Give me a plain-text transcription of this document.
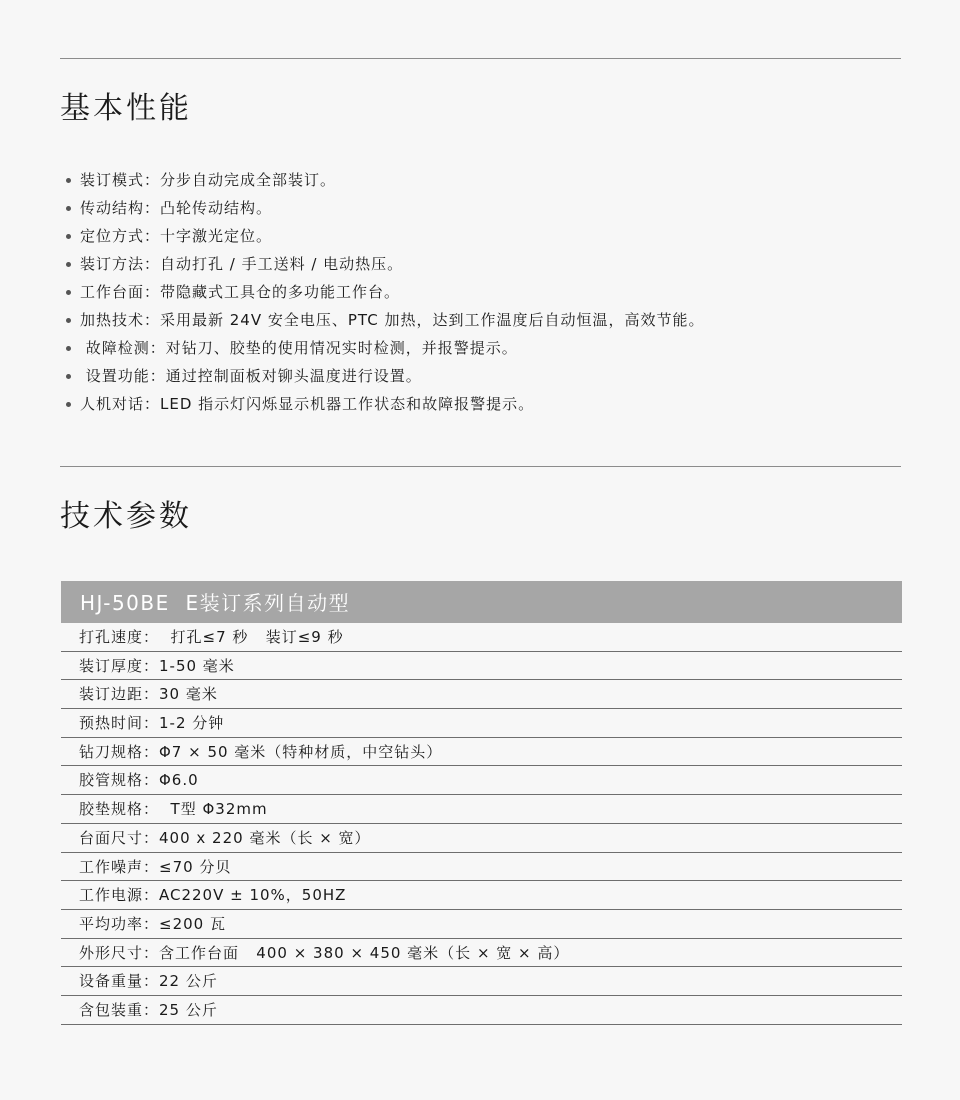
基本性能
装订模式：分步自动完成全部装订。
传动结构：凸轮传动结构。
定位方式：十字激光定位。
装订方法：自动打孔 / 手工送料 / 电动热压。
工作台面：带隐藏式工具仓的多功能工作台。
加热技术：采用最新 24V 安全电压、PTC 加热，达到工作温度后自动恒温，高效节能。
故障检测：对钻刀、胶垫的使用情况实时检测，并报警提示。
设置功能：通过控制面板对铆头温度进行设置。
人机对话：LED 指示灯闪烁显示机器工作状态和故障报警提示。
技术参数
HJ-50BE  E装订系列自动型
打孔速度：  打孔≤7 秒   装订≤9 秒
装订厚度：1-50 毫米
装订边距：30 毫米
预热时间：1-2 分钟
钻刀规格：Φ7 × 50 毫米（特种材质，中空钻头）
胶管规格：Φ6.0
胶垫规格：  T型 Φ32mm
台面尺寸：400 x 220 毫米（长 × 宽）
工作噪声：≤70 分贝
工作电源：AC220V ± 10%，50HZ
平均功率：≤200 瓦
外形尺寸：含工作台面   400 × 380 × 450 毫米（长 × 宽 × 高）
设备重量：22 公斤
含包装重：25 公斤
